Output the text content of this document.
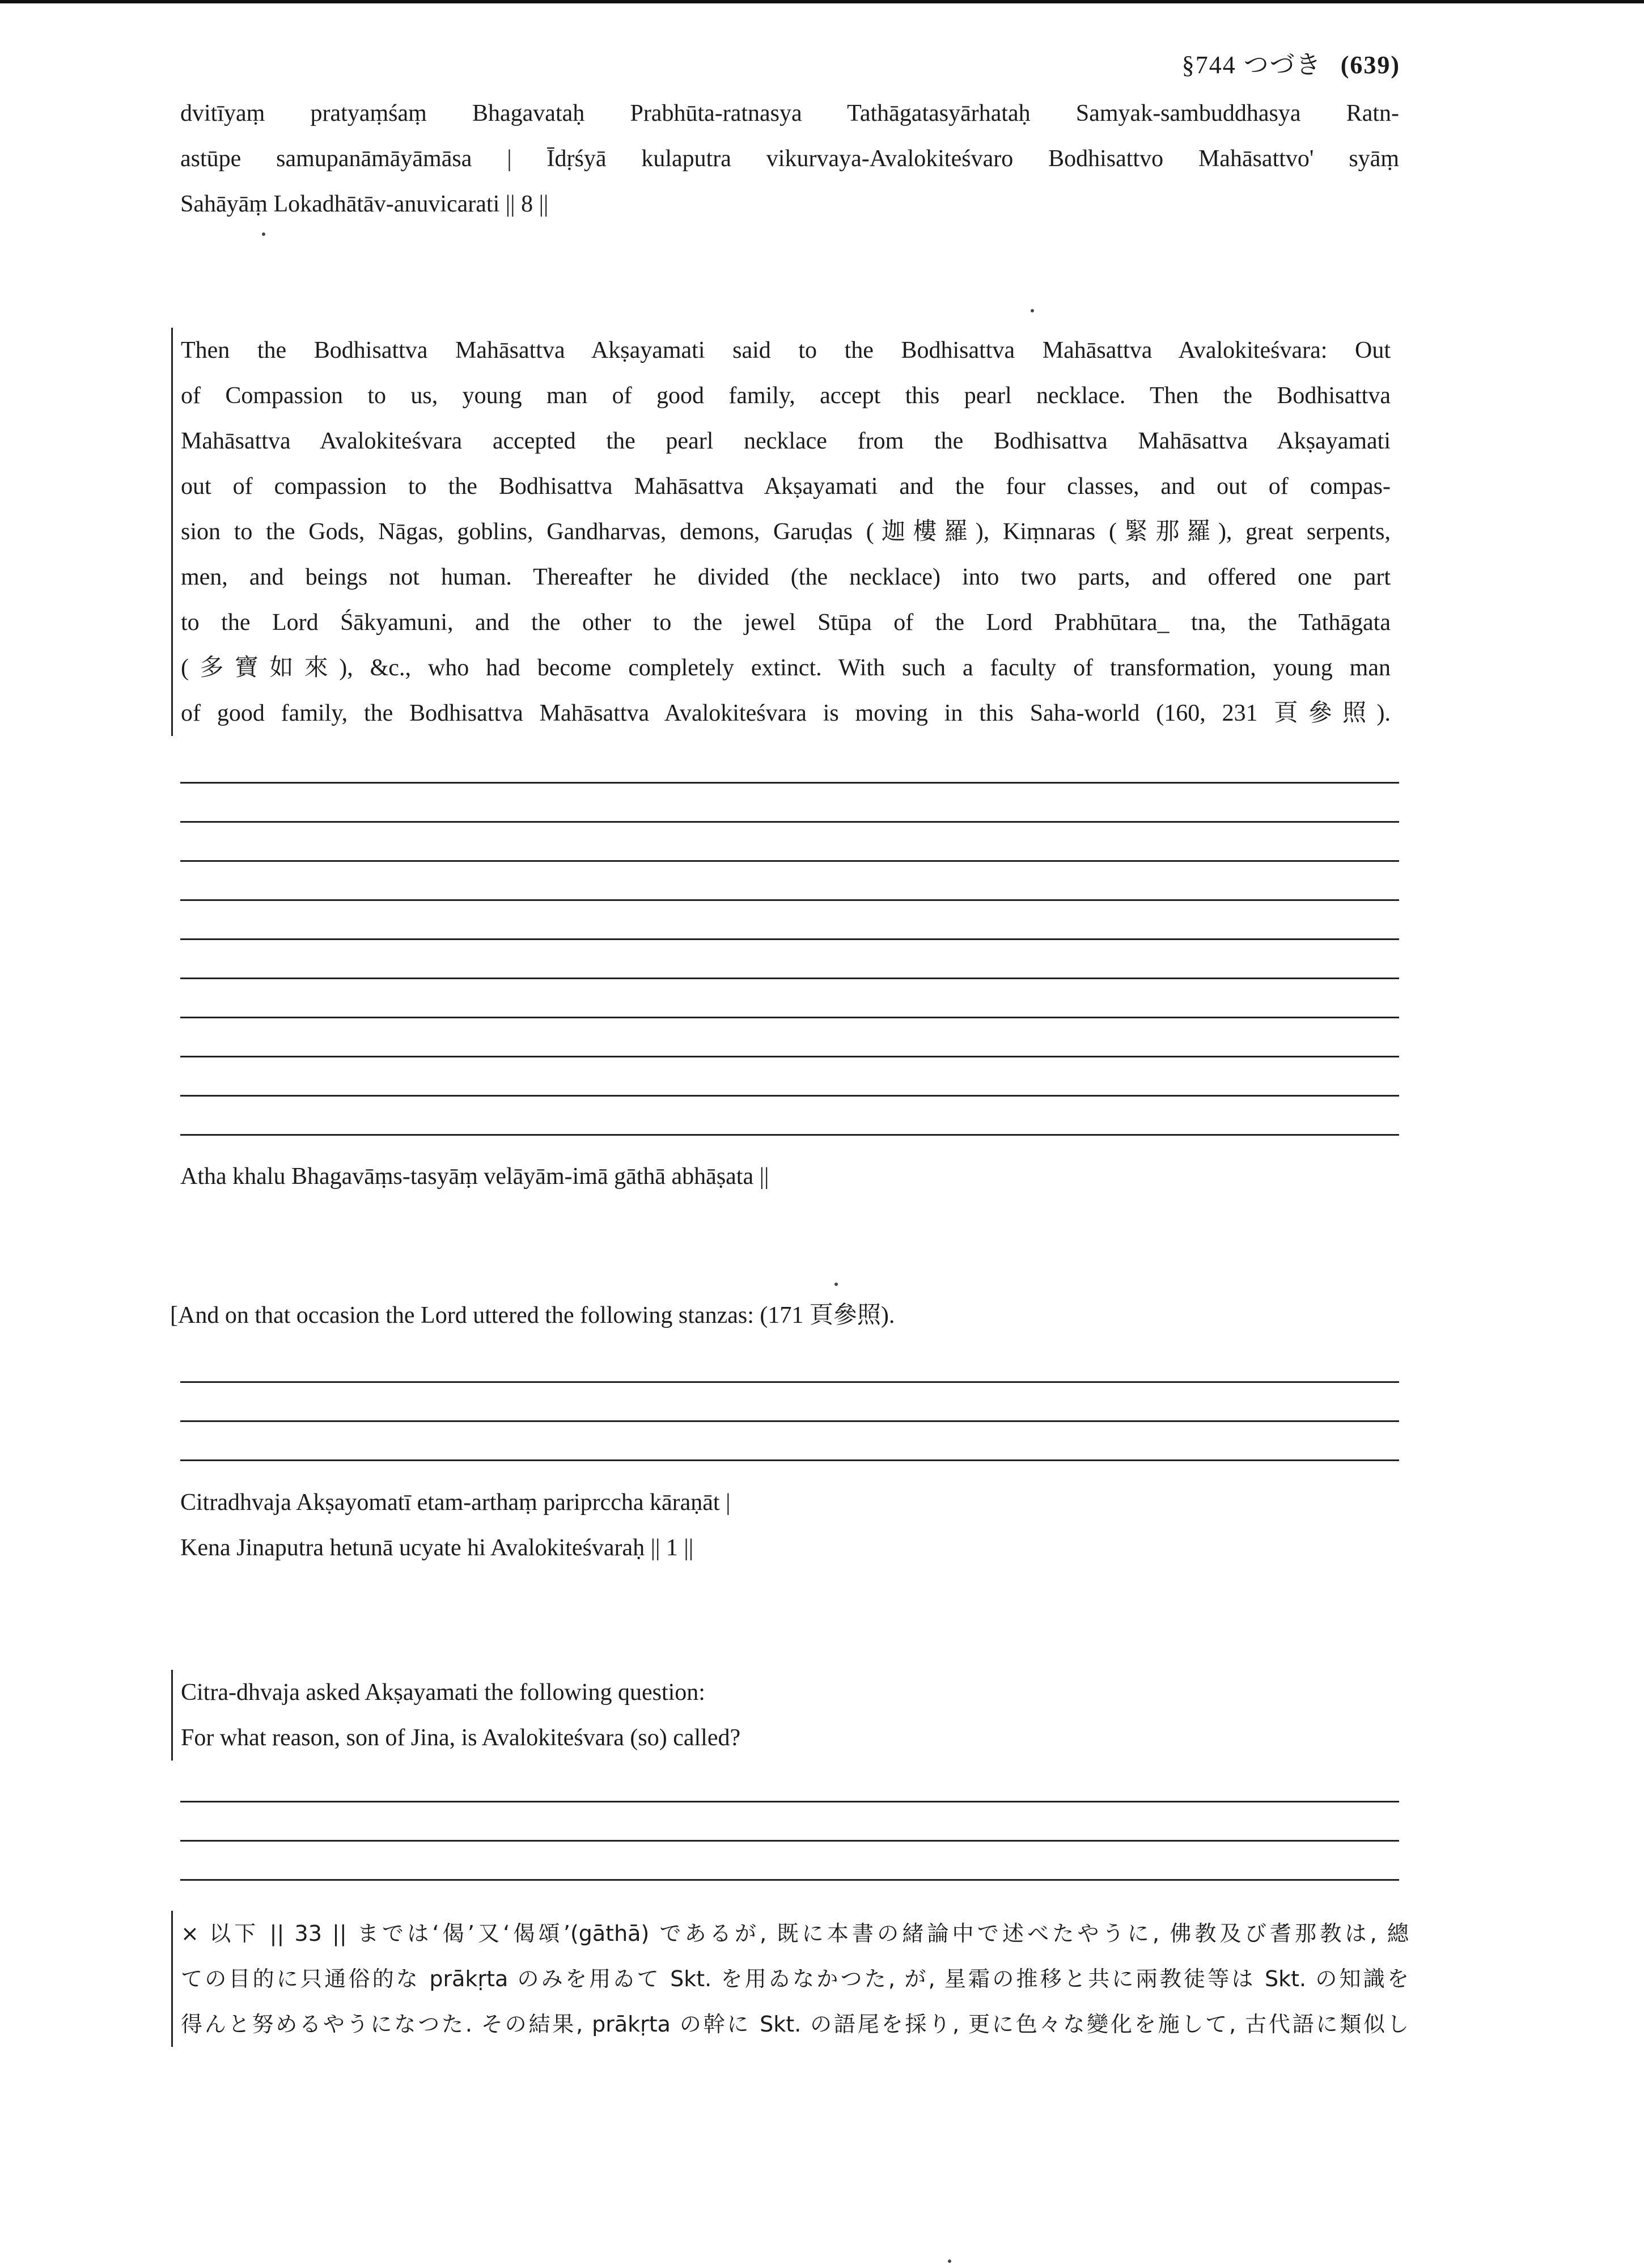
§744 つづき (639)
dvitīyaṃ pratyaṃśaṃ Bhagavataḥ Prabhūta-ratnasya Tathāgatasyārhataḥ Samyak-sambuddhasya Ratn-
astūpe samupanāmāyāmāsa | Īdṛśyā kulaputra vikurvaya-Avalokiteśvaro Bodhisattvo Mahāsattvo' syāṃ
Sahāyāṃ Lokadhātāv-anuvicarati || 8 ||
Then the Bodhisattva Mahāsattva Akṣayamati said to the Bodhisattva Mahāsattva Avalokiteśvara: Out
of Compassion to us, young man of good family, accept this pearl necklace. Then the Bodhisattva
Mahāsattva Avalokiteśvara accepted the pearl necklace from the Bodhisattva Mahāsattva Akṣayamati
out of compassion to the Bodhisattva Mahāsattva Akṣayamati and the four classes, and out of compas-
sion to the Gods, Nāgas, goblins, Gandharvas, demons, Garuḍas (迦樓羅), Kiṃnaras (緊那羅), great serpents,
men, and beings not human. Thereafter he divided (the necklace) into two parts, and offered one part
to the Lord Śākyamuni, and the other to the jewel Stūpa of the Lord Prabhūtara_ tna, the Tathāgata
(多寶如來), &c., who had become completely extinct. With such a faculty of transformation, young man
of good family, the Bodhisattva Mahāsattva Avalokiteśvara is moving in this Saha-world (160, 231 頁參照).
Atha khalu Bhagavāṃs-tasyāṃ velāyām-imā gāthā abhāṣata ||
[And on that occasion the Lord uttered the following stanzas: (171 頁參照).
Citradhvaja Akṣayomatī etam-arthaṃ pariprccha kāraṇāt |
Kena Jinaputra hetunā ucyate hi Avalokiteśvaraḥ || 1 ||
Citra-dhvaja asked Akṣayamati the following question:
For what reason, son of Jina, is Avalokiteśvara (so) called?
× 以下 || 33 || までは‘偈’又‘偈頌’(gāthā) であるが, 既に本書の緒論中で述べたやうに, 佛教及び耆那教は, 總
ての目的に只通俗的な prākṛta のみを用ゐて Skt. を用ゐなかつた, が, 星霜の推移と共に兩教徒等は Skt. の知識を
得んと努めるやうになつた. その結果, prākṛta の幹に Skt. の語尾を採り, 更に色々な變化を施して, 古代語に類似し
